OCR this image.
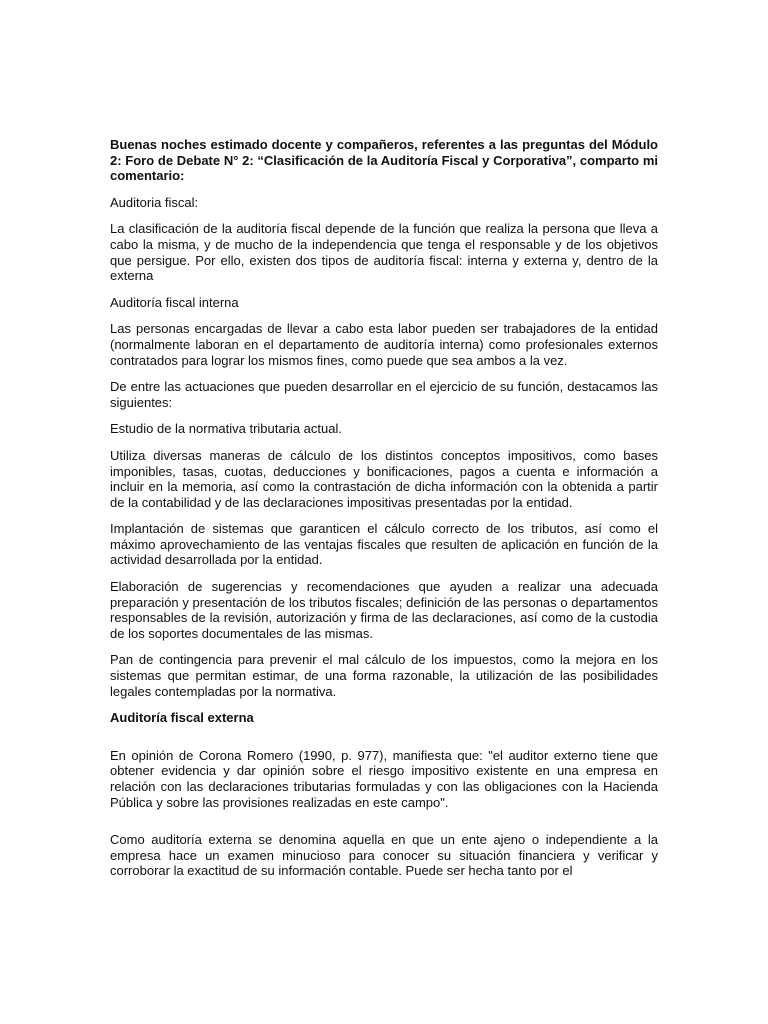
Buenas noches estimado docente y compañeros, referentes a las preguntas del Módulo 2: Foro de Debate N° 2: “Clasificación de la Auditoría Fiscal y Corporativa”, comparto mi comentario:

Auditoria fiscal:

La clasificación de la auditoría fiscal depende de la función que realiza la persona que lleva a cabo la misma, y de mucho de la independencia que tenga el responsable y de los objetivos que persigue. Por ello, existen dos tipos de auditoría fiscal: interna y externa y, dentro de la externa

Auditoría fiscal interna

Las personas encargadas de llevar a cabo esta labor pueden ser trabajadores de la entidad (normalmente laboran en el departamento de auditoría interna) como profesionales externos contratados para lograr los mismos fines, como puede que sea ambos a la vez.

De entre las actuaciones que pueden desarrollar en el ejercicio de su función, destacamos las siguientes:

Estudio de la normativa tributaria actual.

Utiliza diversas maneras de cálculo de los distintos conceptos impositivos, como bases imponibles, tasas, cuotas, deducciones y bonificaciones, pagos a cuenta e información a incluir en la memoria, así como la contrastación de dicha información con la obtenida a partir de la contabilidad y de las declaraciones impositivas presentadas por la entidad.

Implantación de sistemas que garanticen el cálculo correcto de los tributos, así como el máximo aprovechamiento de las ventajas fiscales que resulten de aplicación en función de la actividad desarrollada por la entidad.

Elaboración de sugerencias y recomendaciones que ayuden a realizar una adecuada preparación y presentación de los tributos fiscales; definición de las personas o departamentos responsables de la revisión, autorización y firma de las declaraciones, así como de la custodia de los soportes documentales de las mismas.

Pan de contingencia para prevenir el mal cálculo de los impuestos, como la mejora en los sistemas que permitan estimar, de una forma razonable, la utilización de las posibilidades legales contempladas por la normativa.

Auditoría fiscal externa

En opinión de Corona Romero (1990, p. 977), manifiesta que: "el auditor externo tiene que obtener evidencia y dar opinión sobre el riesgo impositivo existente en una empresa en relación con las declaraciones tributarias formuladas y con las obligaciones con la Hacienda Pública y sobre las provisiones realizadas en este campo".

Como auditoría externa se denomina aquella en que un ente ajeno o independiente a la empresa hace un examen minucioso para conocer su situación financiera y verificar y corroborar la exactitud de su información contable. Puede ser hecha tanto por el
